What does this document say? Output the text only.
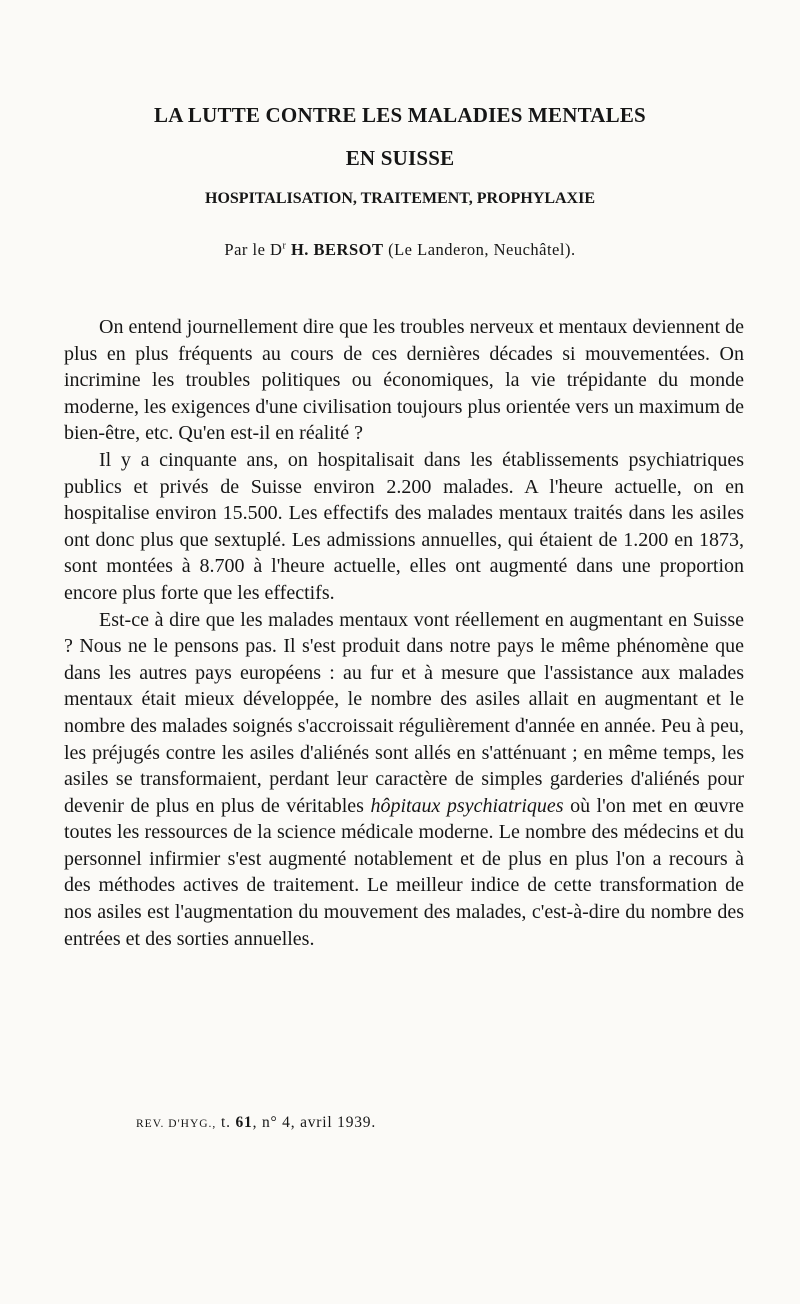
LA LUTTE CONTRE LES MALADIES MENTALES
EN SUISSE
HOSPITALISATION, TRAITEMENT, PROPHYLAXIE

Par le $D^r$ H. BERSOT (Le Landeron, Neuchâtel).

On entend journellement dire que les troubles nerveux et mentaux deviennent de plus en plus fréquents au cours de ces dernières décades si mouvementées. On incrimine les troubles politiques ou économiques, la vie trépidante du monde moderne, les exigences d'une civilisation toujours plus orientée vers un maximum de bien-être, etc. Qu'en est-il en réalité ?

Il y a cinquante ans, on hospitalisait dans les établissements psychiatriques publics et privés de Suisse environ 2.200 malades. A l'heure actuelle, on en hospitalise environ 15.500. Les effectifs des malades mentaux traités dans les asiles ont donc plus que sextuplé. Les admissions annuelles, qui étaient de 1.200 en 1873, sont montées à 8.700 à l'heure actuelle, elles ont augmenté dans une proportion encore plus forte que les effectifs.

Est-ce à dire que les malades mentaux vont réellement en augmentant en Suisse ? Nous ne le pensons pas. Il s'est produit dans notre pays le même phénomène que dans les autres pays européens : au fur et à mesure que l'assistance aux malades mentaux était mieux développée, le nombre des asiles allait en augmentant et le nombre des malades soignés s'accroissait régulièrement d'année en année. Peu à peu, les préjugés contre les asiles d'aliénés sont allés en s'atténuant ; en même temps, les asiles se transformaient, perdant leur caractère de simples garderies d'aliénés pour devenir de plus en plus de véritables hôpitaux psychiatriques où l'on met en œuvre toutes les ressources de la science médicale moderne. Le nombre des médecins et du personnel infirmier s'est augmenté notablement et de plus en plus l'on a recours à des méthodes actives de traitement. Le meilleur indice de cette transformation de nos asiles est l'augmentation du mouvement des malades, c'est-à-dire du nombre des entrées et des sorties annuelles.

REV. D'HYG., t. 61, n° 4, avril 1939.
